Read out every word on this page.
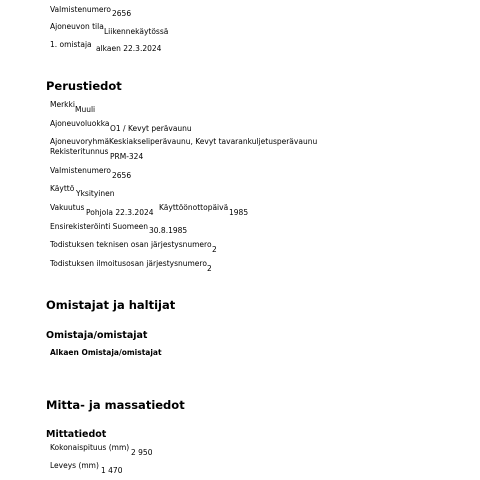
Valmistenumero 2656
Ajoneuvon tila
Liikennekäytössä
1. omistaja alkaen 22.3.2024
Perustiedot
Merkki
Muuli
Ajoneuvoluokka
O1 / Kevyt perävaunu
Ajoneuvoryhmä Keskiakseliperävaunu, Kevyt tavarankuljetusperävaunu
Rekisteritunnus
PRM-324
Valmistenumero
2656
Käyttö
Yksityinen
Vakuutus
Pohjola 22.3.2024
Käyttöönottopäivä
1985
Ensirekisteröinti Suomeen 30.8.1985
Todistuksen teknisen osan järjestysnumero
2
Todistuksen ilmoitusosan järjestysnumero
2
Omistajat ja haltijat
Omistaja/omistajat
Alkaen Omistaja/omistajat
Mitta- ja massatiedot
Mittatiedot
Kokonaispituus (mm)
2 950
Leveys (mm)
1 470
